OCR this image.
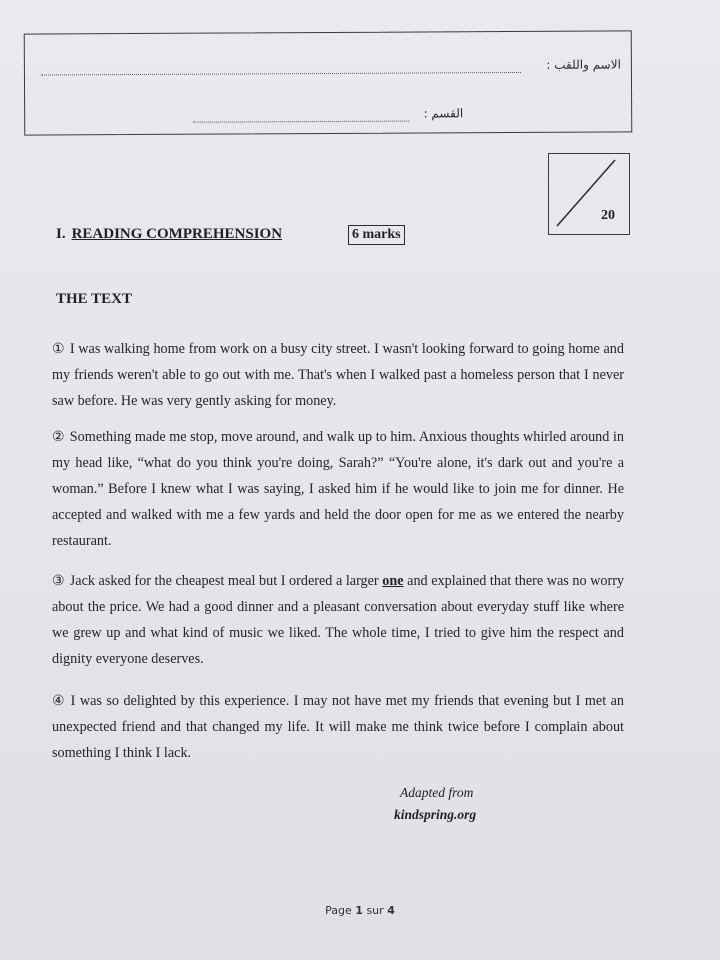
الاسم واللقب :
القسم :
20
I. READING COMPREHENSION	6 marks
THE TEXT
① I was walking home from work on a busy city street. I wasn't looking forward to going home and my friends weren't able to go out with me. That's when I walked past a homeless person that I never saw before. He was very gently asking for money.
② Something made me stop, move around, and walk up to him. Anxious thoughts whirled around in my head like, “what do you think you're doing, Sarah?” “You're alone, it's dark out and you're a woman.” Before I knew what I was saying, I asked him if he would like to join me for dinner. He accepted and walked with me a few yards and held the door open for me as we entered the nearby restaurant.
③ Jack asked for the cheapest meal but I ordered a larger one and explained that there was no worry about the price. We had a good dinner and a pleasant conversation about everyday stuff like where we grew up and what kind of music we liked. The whole time, I tried to give him the respect and dignity everyone deserves.
④ I was so delighted by this experience. I may not have met my friends that evening but I met an unexpected friend and that changed my life. It will make me think twice before I complain about something I think I lack.
Adapted from
kindspring.org
Page 1 sur 4
